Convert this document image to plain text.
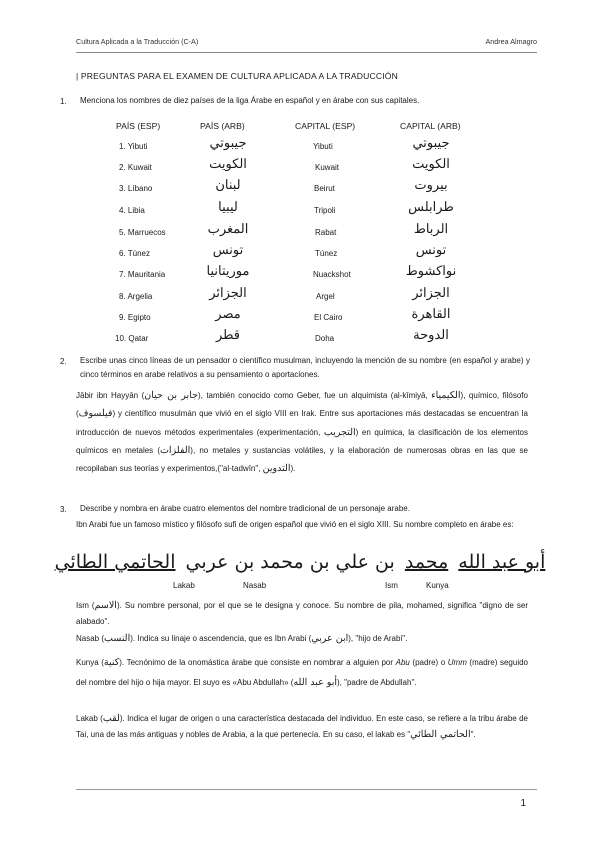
Cultura Aplicada a la Traducción (C-A)	Andrea Almagro
| PREGUNTAS PARA EL EXAMEN DE CULTURA APLICADA A LA TRADUCCIÓN
1. Menciona los nombres de diez países de la liga Árabe en español y en árabe con sus capitales.
PAÍS (ESP)	PAÍS (ARB)	CAPITAL (ESP)	CAPITAL (ARB)
1. Yibuti	جيبوتي	Yibuti	جيبوتي
2. Kuwait	الكويت	Kuwait	الكويت
3. Líbano	لبنان	Beirut	بيروت
4. Libia	ليبيا	Tripoli	طرابلس
5. Marruecos	المغرب	Rabat	الرباط
6. Túnez	تونس	Túnez	تونس
7. Mauritania	موريتانيا	Nuackshot	نواكشوط
8. Argelia	الجزائر	Argel	الجزائر
9. Egipto	مصر	El Cairo	القاهرة
10. Qatar	قطر	Doha	الدوحة
2. Escribe unas cinco líneas de un pensador o científico musulman, incluyendo la mención de su nombre (en español y arabe) y cinco términos en arabe relativos a su pensamiento o aportaciones.
Jābir ibn Hayyān (جابر بن حيان), también conocido como Geber, fue un alquimista (al-kīmiyā, الكيمياء), químico, filósofo (فيلسوف) y científico musulmán que vivió en el siglo VIII en Irak. Entre sus aportaciones más destacadas se encuentran la introducción de nuevos métodos experimentales (experimentación, التجريب) en química, la clasificación de los elementos químicos en metales (الفلزات), no metales y sustancias volátiles, y la elaboración de numerosas obras en las que se recopilaban sus teorías y experimentos,("al-tadwīn", التدوين).
3. Describe y nombra en árabe cuatro elementos del nombre tradicional de un personaje arabe.
Ibn Arabi fue un famoso místico y filósofo sufi de origen español que vivió en el siglo XIII. Su nombre completo en árabe es:
أبو عبد الله محمد بن علي بن محمد بن عربي الحاتمي الطائي
Lakab	Nasab	Ism	Kunya
Ism (الاسم). Su nombre personal, por el que se le designa y conoce. Su nombre de pila, mohamed, significa "digno de ser alabado".
Nasab (النسب). Indica su linaje o ascendencia, que es Ibn Arabi (ابن عربي), "hijo de Arabi".
Kunya (كنية). Tecnónimo de la onomástica árabe que consiste en nombrar a alguien por Abu (padre) o Umm (madre) seguido del nombre del hijo o hija mayor. El suyo es «Abu Abdullah» (أبو عبد الله), "padre de Abdullah".
Lakab (لقب). Indica el lugar de origen o una característica destacada del individuo. En este caso, se refiere a la tribu árabe de Tai, una de las más antiguas y nobles de Arabia, a la que pertenecía. En su caso, el lakab es "الحاتمي الطائي".
1
